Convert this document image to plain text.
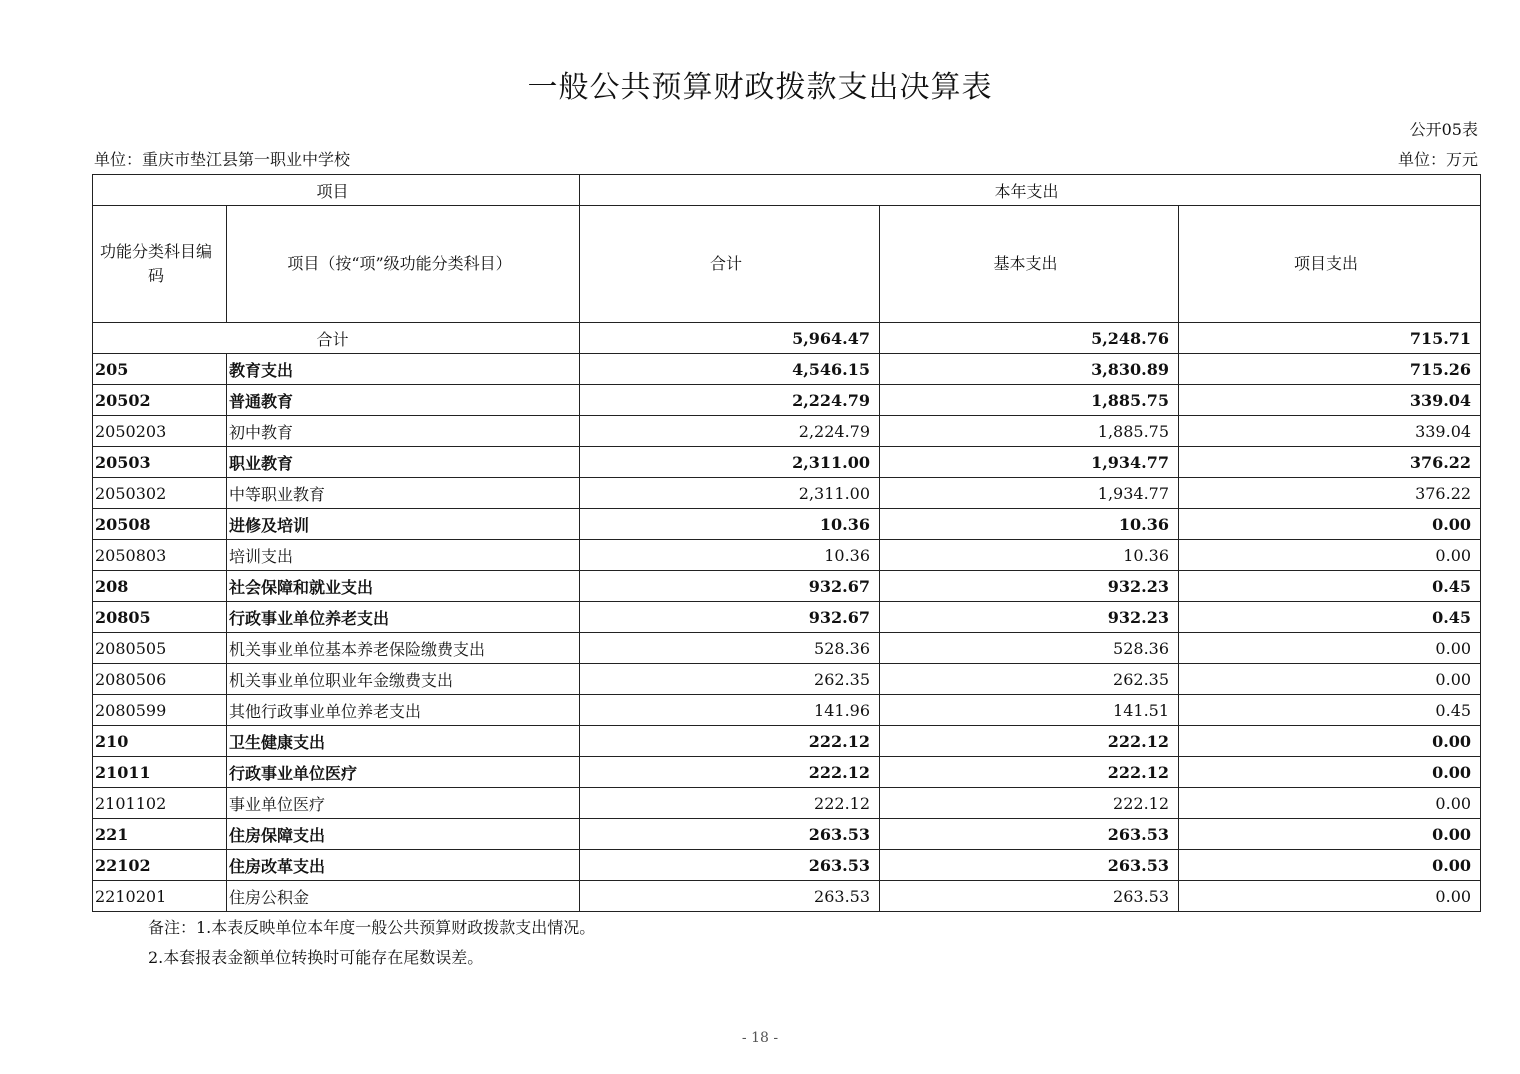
一般公共预算财政拨款支出决算表
公开05表
单位：重庆市垫江县第一职业中学校	单位：万元
项目		本年支出		
功能分类科目编码	项目（按“项”级功能分类科目）	合计	基本支出	项目支出
合计		5,964.47	5,248.76	715.71
205	教育支出	4,546.15	3,830.89	715.26
20502	普通教育	2,224.79	1,885.75	339.04
2050203	初中教育	2,224.79	1,885.75	339.04
20503	职业教育	2,311.00	1,934.77	376.22
2050302	中等职业教育	2,311.00	1,934.77	376.22
20508	进修及培训	10.36	10.36	0.00
2050803	培训支出	10.36	10.36	0.00
208	社会保障和就业支出	932.67	932.23	0.45
20805	行政事业单位养老支出	932.67	932.23	0.45
2080505	机关事业单位基本养老保险缴费支出	528.36	528.36	0.00
2080506	机关事业单位职业年金缴费支出	262.35	262.35	0.00
2080599	其他行政事业单位养老支出	141.96	141.51	0.45
210	卫生健康支出	222.12	222.12	0.00
21011	行政事业单位医疗	222.12	222.12	0.00
2101102	事业单位医疗	222.12	222.12	0.00
221	住房保障支出	263.53	263.53	0.00
22102	住房改革支出	263.53	263.53	0.00
2210201	住房公积金	263.53	263.53	0.00
备注：1.本表反映单位本年度一般公共预算财政拨款支出情况。
2.本套报表金额单位转换时可能存在尾数误差。
- 18 -
